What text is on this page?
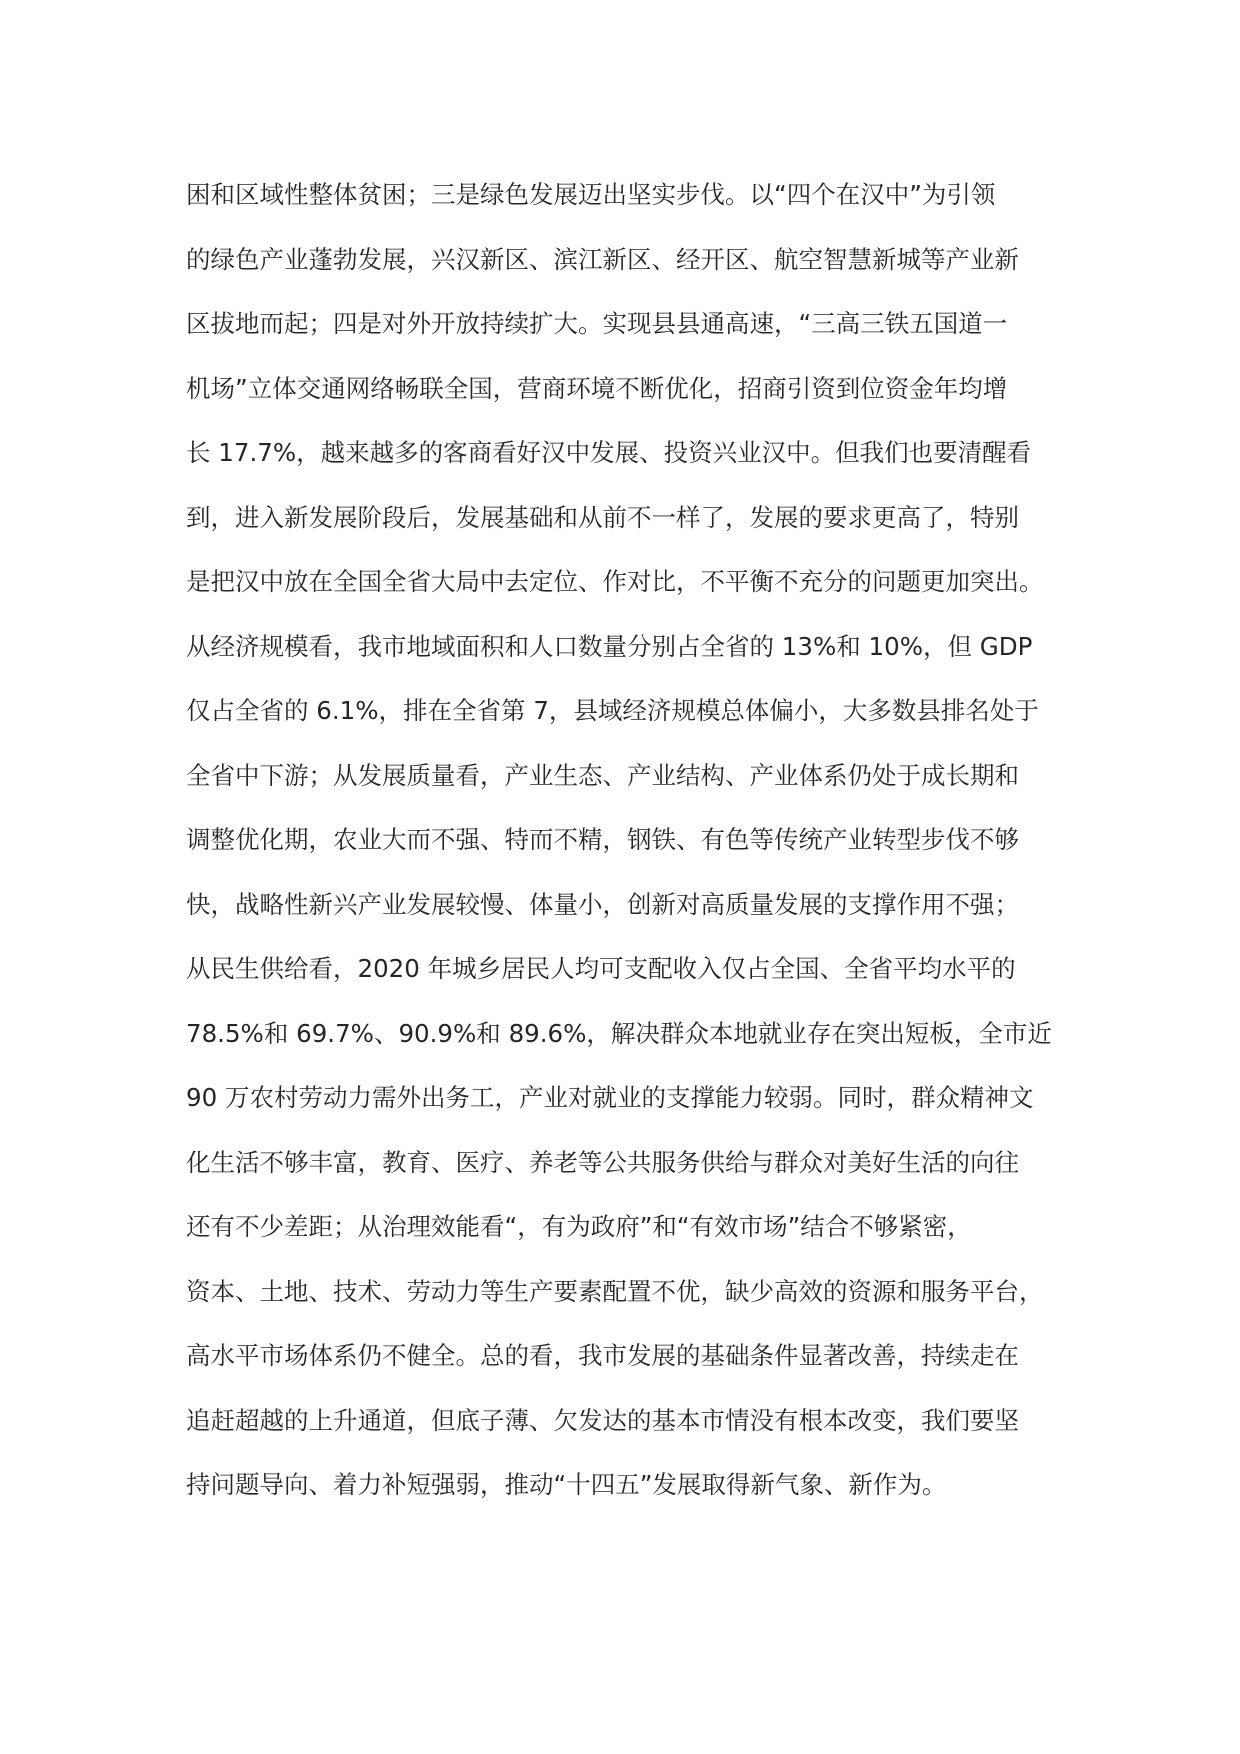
困和区域性整体贫困；三是绿色发展迈出坚实步伐。以“四个在汉中”为引领
的绿色产业蓬勃发展，兴汉新区、滨江新区、经开区、航空智慧新城等产业新
区拔地而起；四是对外开放持续扩大。实现县县通高速，“三高三铁五国道一
机场”立体交通网络畅联全国，营商环境不断优化，招商引资到位资金年均增
长 17.7%，越来越多的客商看好汉中发展、投资兴业汉中。但我们也要清醒看
到，进入新发展阶段后，发展基础和从前不一样了，发展的要求更高了，特别
是把汉中放在全国全省大局中去定位、作对比，不平衡不充分的问题更加突出。
从经济规模看，我市地域面积和人口数量分别占全省的 13%和 10%，但 GDP
仅占全省的 6.1%，排在全省第 7，县域经济规模总体偏小，大多数县排名处于
全省中下游；从发展质量看，产业生态、产业结构、产业体系仍处于成长期和
调整优化期，农业大而不强、特而不精，钢铁、有色等传统产业转型步伐不够
快，战略性新兴产业发展较慢、体量小，创新对高质量发展的支撑作用不强；
从民生供给看，2020 年城乡居民人均可支配收入仅占全国、全省平均水平的
78.5%和 69.7%、90.9%和 89.6%，解决群众本地就业存在突出短板，全市近
90 万农村劳动力需外出务工，产业对就业的支撑能力较弱。同时，群众精神文
化生活不够丰富，教育、医疗、养老等公共服务供给与群众对美好生活的向往
还有不少差距；从治理效能看“，有为政府”和“有效市场”结合不够紧密，
资本、土地、技术、劳动力等生产要素配置不优，缺少高效的资源和服务平台，
高水平市场体系仍不健全。总的看，我市发展的基础条件显著改善，持续走在
追赶超越的上升通道，但底子薄、欠发达的基本市情没有根本改变，我们要坚
持问题导向、着力补短强弱，推动“十四五”发展取得新气象、新作为。
